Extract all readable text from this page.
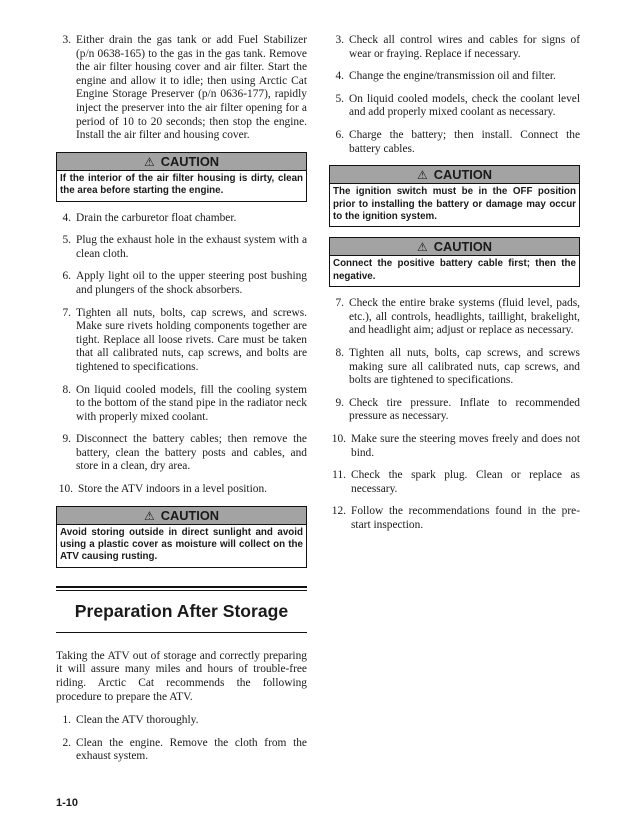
3. Either drain the gas tank or add Fuel Stabilizer (p/n 0638-165) to the gas in the gas tank. Remove the air filter housing cover and air filter. Start the engine and allow it to idle; then using Arctic Cat Engine Storage Preserver (p/n 0636-177), rapidly inject the preserver into the air filter opening for a period of 10 to 20 seconds; then stop the engine. Install the air filter and housing cover.
⚠ CAUTION
If the interior of the air filter housing is dirty, clean the area before starting the engine.
4. Drain the carburetor float chamber.
5. Plug the exhaust hole in the exhaust system with a clean cloth.
6. Apply light oil to the upper steering post bushing and plungers of the shock absorbers.
7. Tighten all nuts, bolts, cap screws, and screws. Make sure rivets holding components together are tight. Replace all loose rivets. Care must be taken that all calibrated nuts, cap screws, and bolts are tightened to specifications.
8. On liquid cooled models, fill the cooling system to the bottom of the stand pipe in the radiator neck with properly mixed coolant.
9. Disconnect the battery cables; then remove the battery, clean the battery posts and cables, and store in a clean, dry area.
10. Store the ATV indoors in a level position.
⚠ CAUTION
Avoid storing outside in direct sunlight and avoid using a plastic cover as moisture will collect on the ATV causing rusting.
Preparation After Storage
Taking the ATV out of storage and correctly preparing it will assure many miles and hours of trouble-free riding. Arctic Cat recommends the following procedure to prepare the ATV.
1. Clean the ATV thoroughly.
2. Clean the engine. Remove the cloth from the exhaust system.
3. Check all control wires and cables for signs of wear or fraying. Replace if necessary.
4. Change the engine/transmission oil and filter.
5. On liquid cooled models, check the coolant level and add properly mixed coolant as necessary.
6. Charge the battery; then install. Connect the battery cables.
⚠ CAUTION
The ignition switch must be in the OFF position prior to installing the battery or damage may occur to the ignition system.
⚠ CAUTION
Connect the positive battery cable first; then the negative.
7. Check the entire brake systems (fluid level, pads, etc.), all controls, headlights, taillight, brakelight, and headlight aim; adjust or replace as necessary.
8. Tighten all nuts, bolts, cap screws, and screws making sure all calibrated nuts, cap screws, and bolts are tightened to specifications.
9. Check tire pressure. Inflate to recommended pressure as necessary.
10. Make sure the steering moves freely and does not bind.
11. Check the spark plug. Clean or replace as necessary.
12. Follow the recommendations found in the pre-start inspection.
1-10
